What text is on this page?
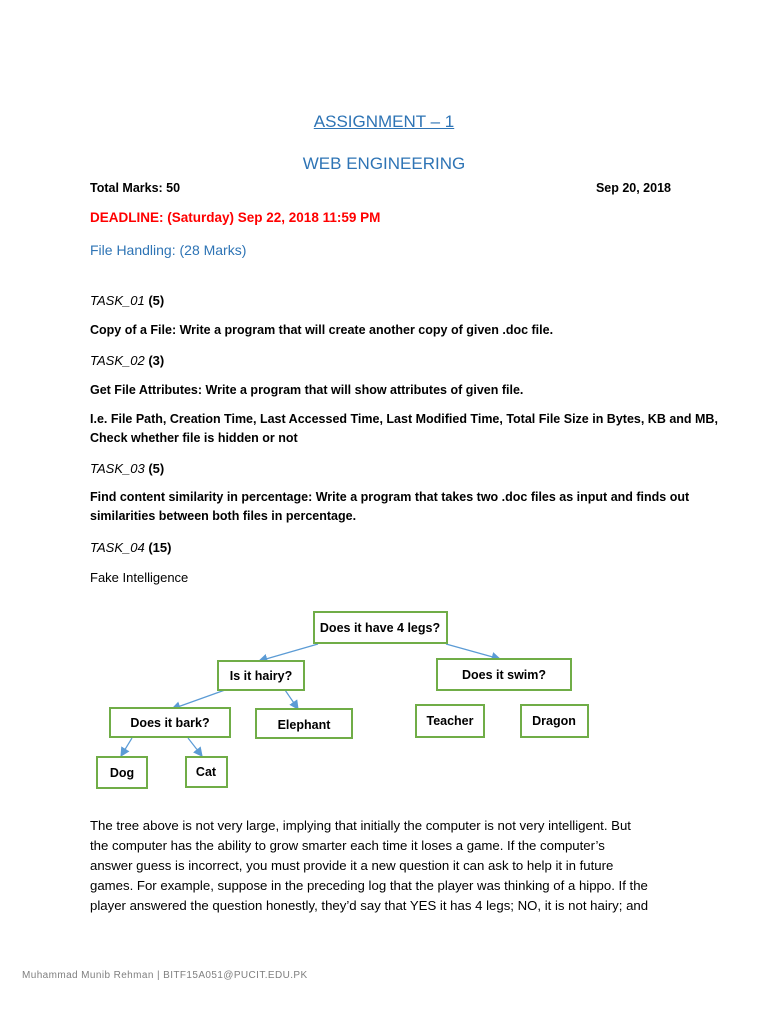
ASSIGNMENT – 1
WEB ENGINEERING
Total Marks: 50	Sep 20, 2018
DEADLINE: (Saturday) Sep 22, 2018 11:59 PM
File Handling: (28 Marks)
TASK_01 (5)
Copy of a File: Write a program that will create another copy of given .doc file.
TASK_02 (3)
Get File Attributes: Write a program that will show attributes of given file.
I.e. File Path, Creation Time, Last Accessed Time, Last Modified Time, Total File Size in Bytes, KB and MB,
Check whether file is hidden or not
TASK_03 (5)
Find content similarity in percentage: Write a program that takes two .doc files as input and finds out
similarities between both files in percentage.
TASK_04 (15)
Fake Intelligence
Does it have 4 legs?
Is it hairy?	Does it swim?
Does it bark?	Elephant	Teacher	Dragon
Dog	Cat
The tree above is not very large, implying that initially the computer is not very intelligent. But
the computer has the ability to grow smarter each time it loses a game. If the computer’s
answer guess is incorrect, you must provide it a new question it can ask to help it in future
games. For example, suppose in the preceding log that the player was thinking of a hippo. If the
player answered the question honestly, they’d say that YES it has 4 legs; NO, it is not hairy; and
Muhammad Munib Rehman | BITF15A051@PUCIT.EDU.PK
